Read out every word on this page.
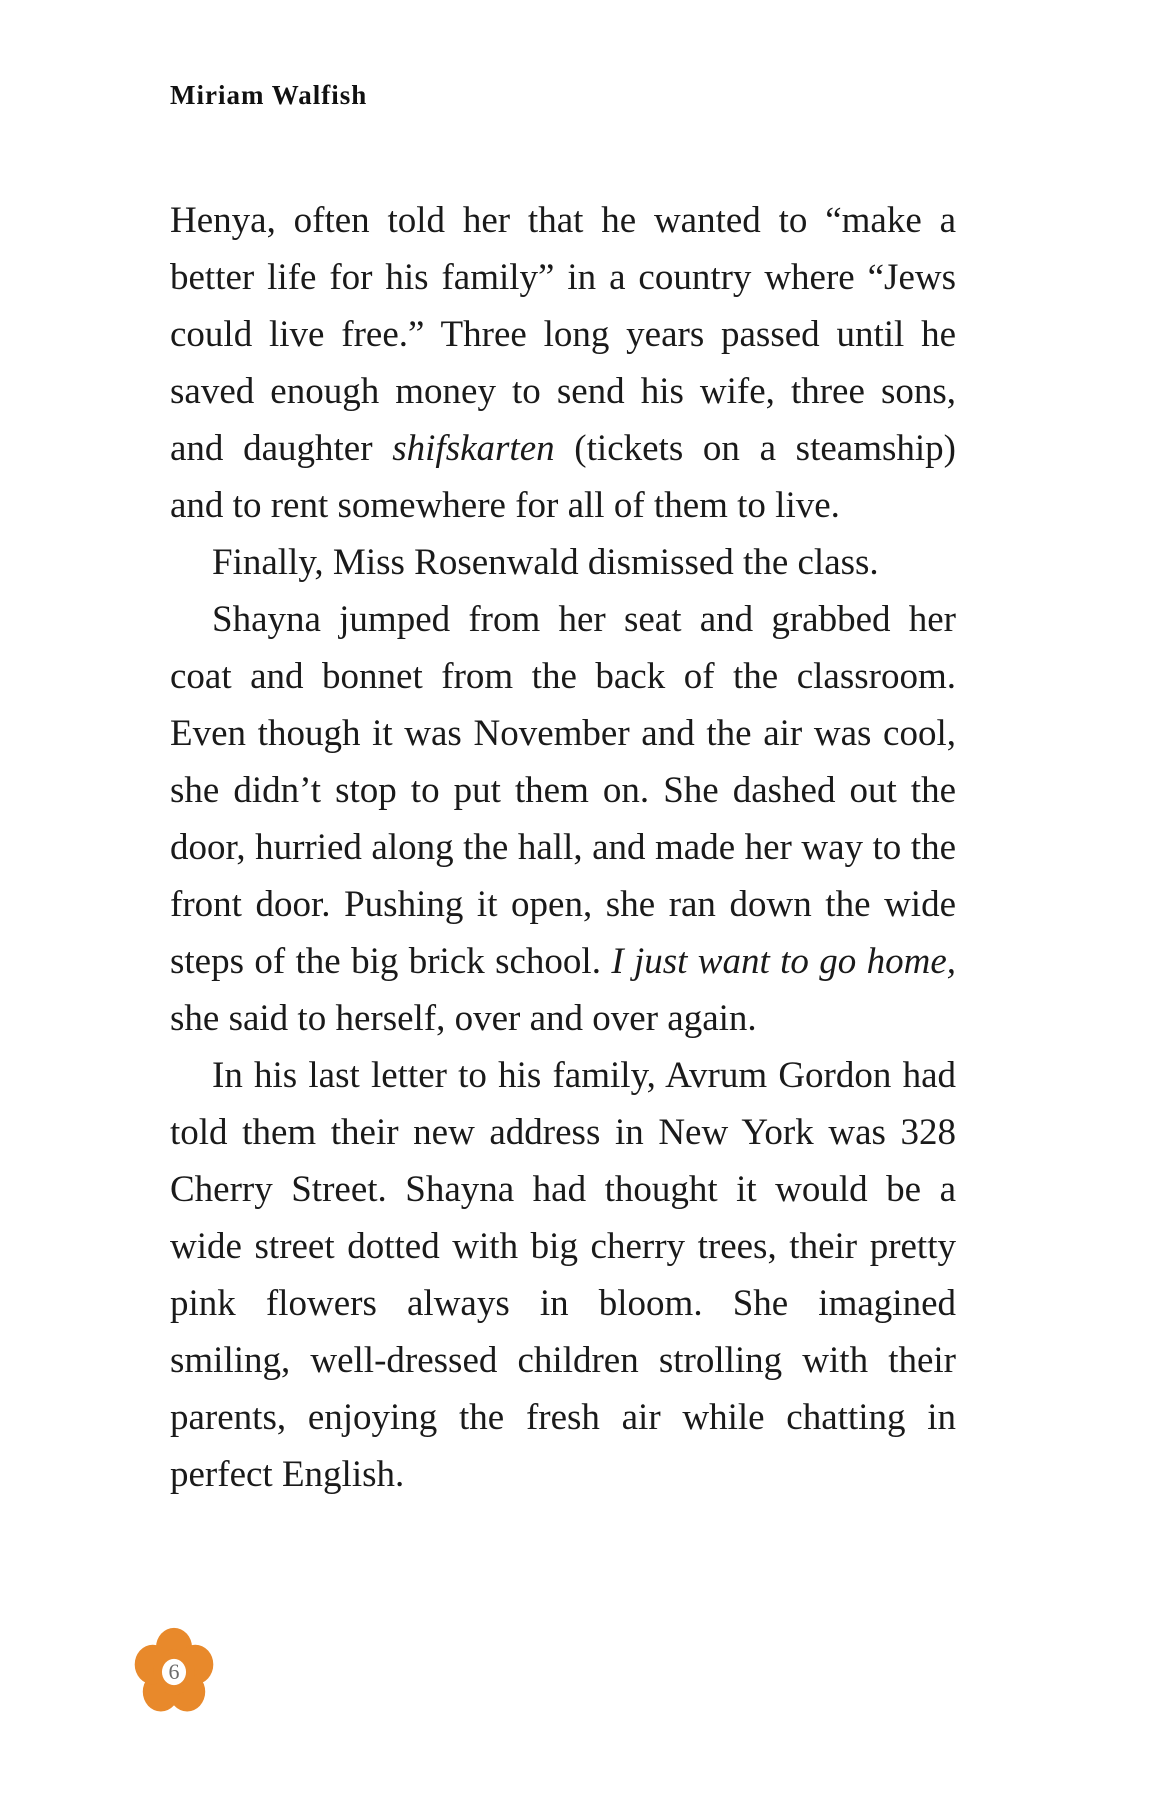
Miriam Walfish

Henya, often told her that he wanted to “make a better life for his family” in a country where “Jews could live free.” Three long years passed until he saved enough money to send his wife, three sons, and daughter shifskarten (tickets on a steamship) and to rent somewhere for all of them to live.

Finally, Miss Rosenwald dismissed the class.

Shayna jumped from her seat and grabbed her coat and bonnet from the back of the classroom. Even though it was November and the air was cool, she didn’t stop to put them on. She dashed out the door, hurried along the hall, and made her way to the front door. Pushing it open, she ran down the wide steps of the big brick school. I just want to go home, she said to herself, over and over again.

In his last letter to his family, Avrum Gordon had told them their new address in New York was 328 Cherry Street. Shayna had thought it would be a wide street dotted with big cherry trees, their pretty pink flowers always in bloom. She imagined smiling, well-dressed children strolling with their parents, enjoying the fresh air while chatting in perfect English.

6
